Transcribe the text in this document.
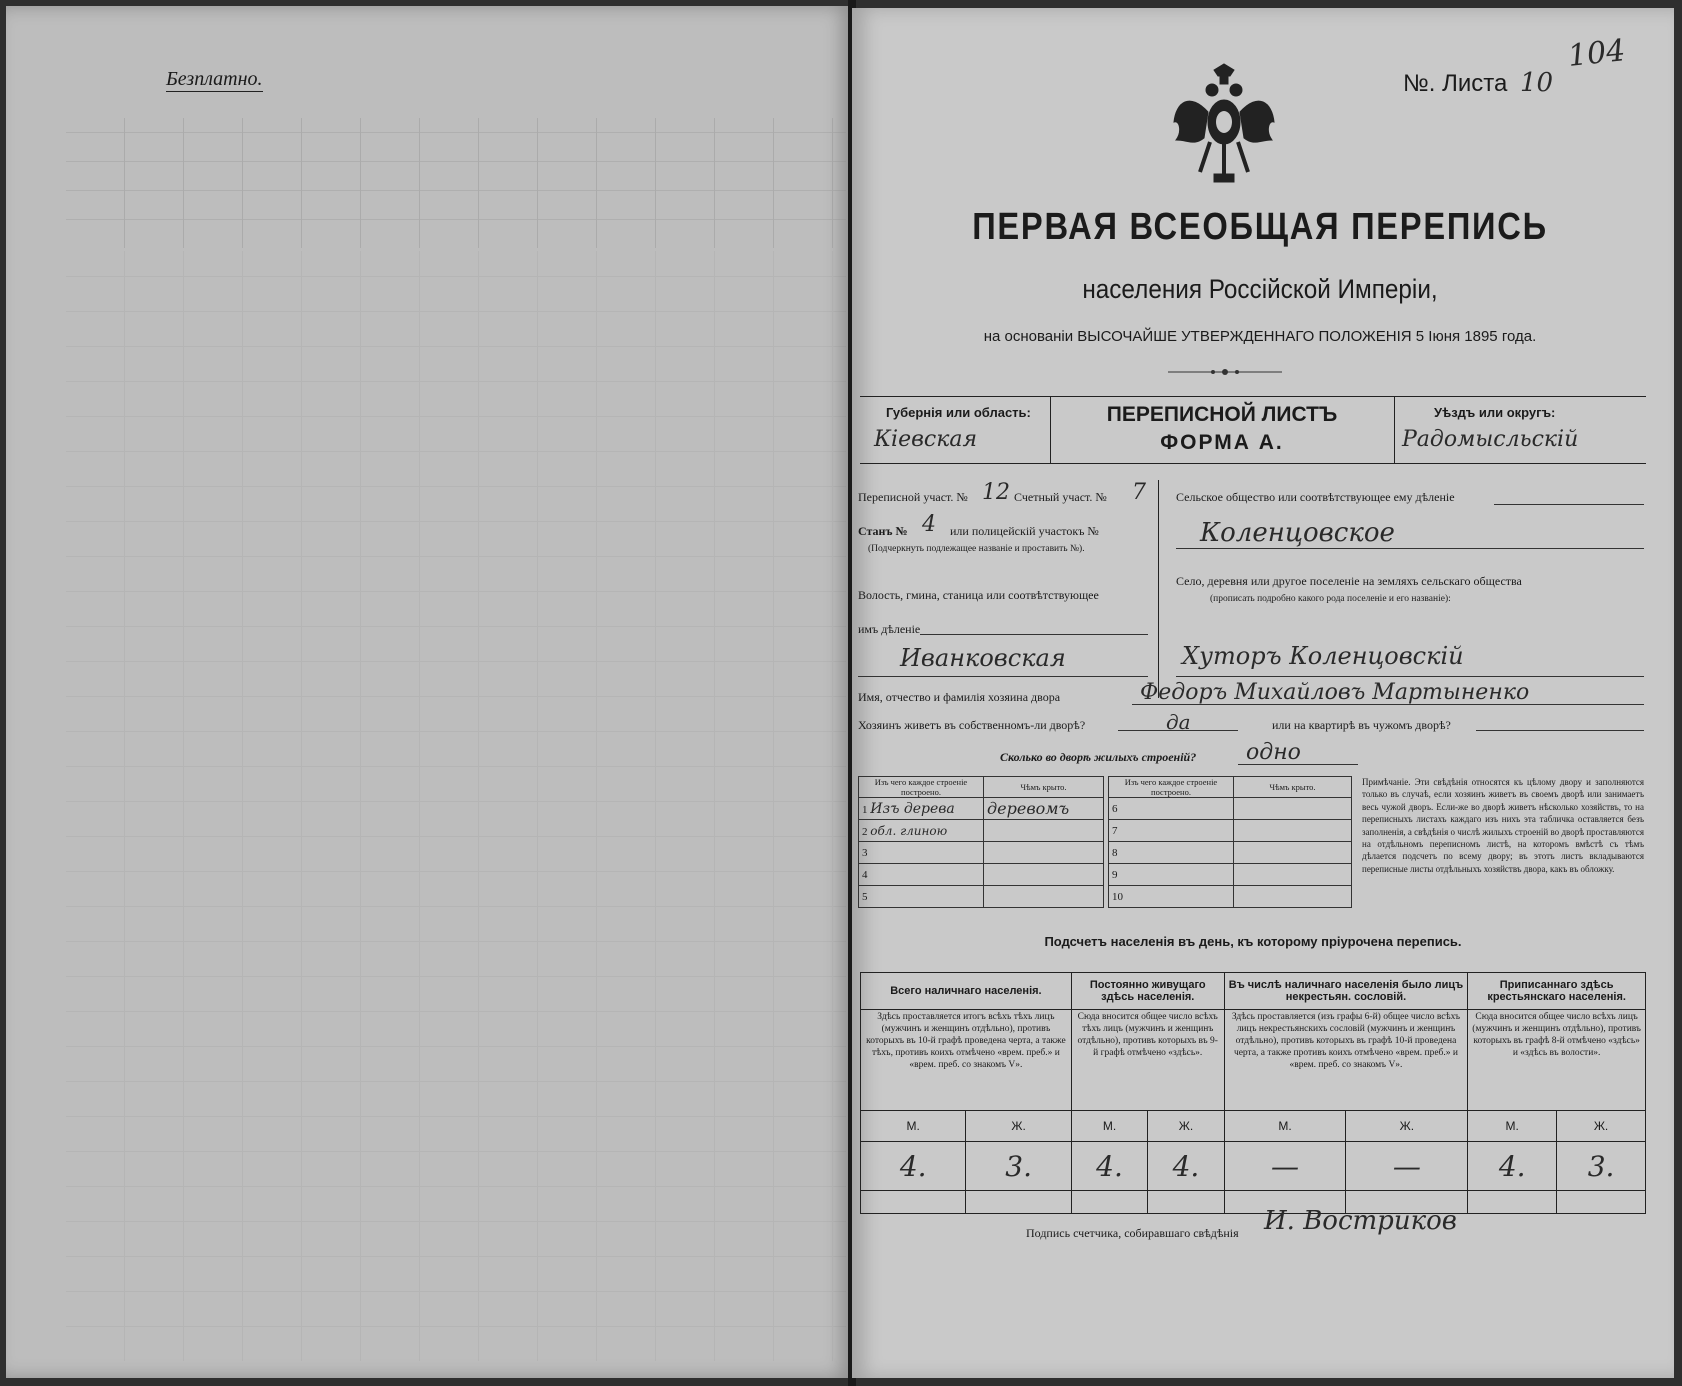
Безплатно.	№. Листа 10
104
ПЕРВАЯ ВСЕОБЩАЯ ПЕРЕПИСЬ
населения Россійской Имперіи,
на основаніи ВЫСОЧАЙШЕ УТВЕРЖДЕННАГО ПОЛОЖЕНІЯ 5 Іюня 1895 года.
Губернія или область:
Кіевская
ПЕРЕПИСНОЙ ЛИСТЪ
ФОРМА А.
Уѣздъ или округъ:
Радомысльскій
Переписной участ. № 12 Счетный участ. № 7
Станъ № 4 или полицейскій участокъ №
(Подчеркнуть подлежащее названіе и проставить №).
Волость, гмина, станица или соотвѣтствующее
имъ дѣленіе
Иванковская
Сельское общество или соотвѣтствующее ему дѣленіе
Коленцовское
Село, деревня или другое поселеніе на земляхъ сельскаго общества
(прописать подробно какого рода поселеніе и его названіе):
Хуторъ Коленцовскій
Имя, отчество и фамилія хозяина двора	Федоръ Михайловъ Мартыненко
Хозяинъ живетъ въ собственномъ-ли дворѣ?	да	или на квартирѣ въ чужомъ дворѣ?
Сколько во дворѣ жилыхъ строеній? одно
Изъ чего каждое строеніе построено.	Чѣмъ крыто.
1 Изъ дерева	деревомъ
2 обл. глиною	
3	
4	
5	
Изъ чего каждое строеніе построено.	Чѣмъ крыто.
6	
7	
8	
9	
10	
Примѣчаніе. Эти свѣдѣнія относятся къ цѣлому двору и заполняются только въ случаѣ, если хозяинъ живетъ въ своемъ дворѣ или занимаетъ весь чужой дворъ. Если-же во дворѣ живетъ нѣсколько хозяйствъ, то на переписныхъ листахъ каждаго изъ нихъ эта табличка оставляется безъ заполненія, а свѣдѣнія о числѣ жилыхъ строеній во дворѣ проставляются на отдѣльномъ переписномъ листѣ, на которомъ вмѣстѣ съ тѣмъ дѣлается подсчетъ по всему двору; въ этотъ листъ вкладываются переписные листы отдѣльныхъ хозяйствъ двора, какъ въ обложку.
Подсчетъ населенія въ день, къ которому пріурочена перепись.
Всего наличнаго населенія.		Постоянно живущаго здѣсь населенія.		Въ числѣ наличнаго населенія было лицъ некрестьян. сословій.		Приписаннаго здѣсь крестьянскаго населенія.	
Здѣсь проставляется итогъ всѣхъ тѣхъ лицъ (мужчинъ и женщинъ отдѣльно), противъ которыхъ въ 10-й графѣ проведена черта, а также тѣхъ, противъ коихъ отмѣчено «врем. преб.» и «врем. преб. со знакомъ V».		Сюда вносится общее число всѣхъ тѣхъ лицъ (мужчинъ и женщинъ отдѣльно), противъ которыхъ въ 9-й графѣ отмѣчено «здѣсь».		Здѣсь проставляется (изъ графы 6-й) общее число всѣхъ лицъ некрестьянскихъ сословій (мужчинъ и женщинъ отдѣльно), противъ которыхъ въ графѣ 10-й проведена черта, а также противъ коихъ отмѣчено «врем. преб.» и «врем. преб. со знакомъ V».		Сюда вносится общее число всѣхъ лицъ (мужчинъ и женщинъ отдѣльно), противъ которыхъ въ графѣ 8-й отмѣчено «здѣсь» и «здѣсь въ волости».	
М.	Ж.	М.	Ж.	М.	Ж.	М.	Ж.
4.	3.	4.	4.	—	—	4.	3.

Подпись счетчика, собиравшаго свѣдѣнія И. Востриков
